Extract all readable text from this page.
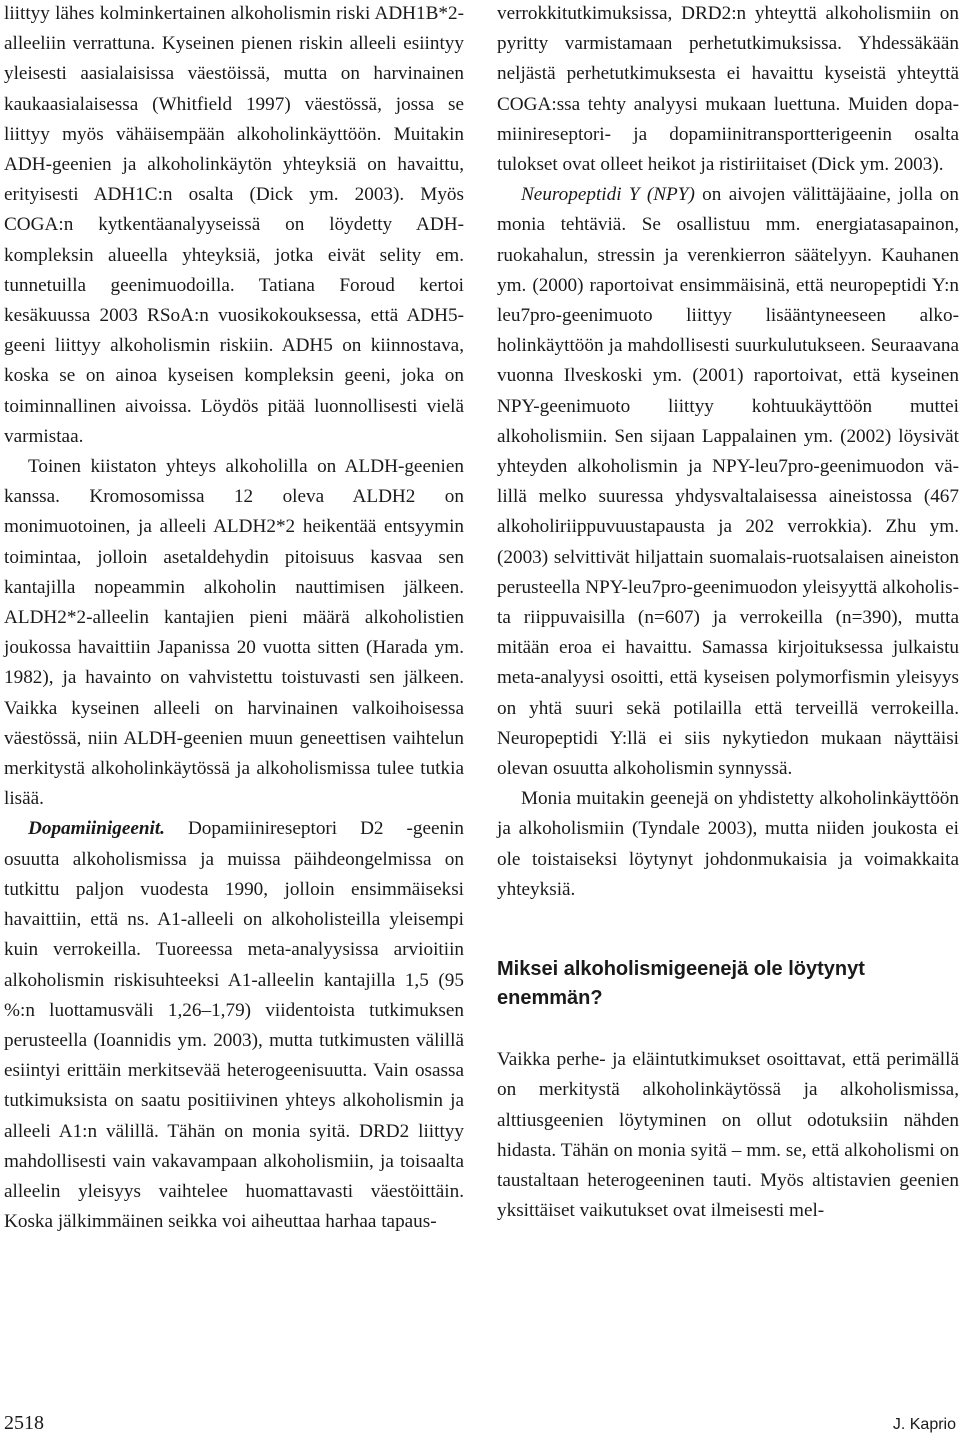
liittyy lähes kolminkertainen alkoholismin riski ADH1B*2-alleeliin verrattuna. Kyseinen pienen riskin alleeli esiintyy yleisesti aasialaisissa väestöissä, mutta on harvinainen kaukaasialaisessa (Whitfield 1997) väestössä, jossa se liittyy myös vähäisempään alkoholinkäyttöön. Muitakin ADH-geenien ja alkoholinkäytön yhteyksiä on havaittu, erityisesti ADH1C:n osalta (Dick ym. 2003). Myös COGA:n kytkentäanalyyseissä on löydetty ADH-kompleksin alueella yhteyksiä, jotka eivät selity em. tunnetuilla geenimuodoilla. Tatiana Foroud kertoi kesäkuussa 2003 RSoA:n vuosikokouksessa, että ADH5-geeni liittyy alkoholismin riskiin. ADH5 on kiinnostava, koska se on ainoa kyseisen kompleksin geeni, joka on toiminnallinen aivoissa. Löydös pitää luonnollisesti vielä varmistaa.

Toinen kiistaton yhteys alkoholilla on ALDH-geenien kanssa. Kromosomissa 12 oleva ALDH2 on monimuotoinen, ja alleeli ALDH2*2 heikentää entsyymin toimintaa, jolloin asetaldehydin pitoisuus kasvaa sen kantajilla nopeammin alkoholin nauttimisen jälkeen. ALDH2*2-alleelin kantajien pieni määrä alkoholistien joukossa havaittiin Japanissa 20 vuotta sitten (Harada ym. 1982), ja havainto on vahvistettu toistuvasti sen jälkeen. Vaikka kyseinen alleeli on harvinainen valkoihoisessa väestössä, niin ALDH-geenien muun geneettisen vaihtelun merkitystä alkoholinkäytössä ja alkoholismissa tulee tutkia lisää.

Dopamiinigeenit. Dopamiinireseptori D2 -geenin osuutta alkoholismissa ja muissa päihdeongelmissa on tutkittu paljon vuodesta 1990, jolloin ensimmäiseksi havaittiin, että ns. A1-alleeli on alkoholisteilla yleisempi kuin verrokeilla. Tuoreessa meta-analyysissa arvioitiin alkoholismin riskisuhteeksi A1-alleelin kantajilla 1,5 (95 %:n luottamusväli 1,26–1,79) viidentoista tutkimuksen perusteella (Ioannidis ym. 2003), mutta tutkimusten välillä esiintyi erittäin merkitsevää heterogeenisuutta. Vain osassa tutkimuksista on saatu positiivinen yhteys alkoholismin ja alleeli A1:n välillä. Tähän on monia syitä. DRD2 liittyy mahdollisesti vain vakavampaan alkoholismiin, ja toisaalta alleelin yleisyys vaihtelee huomattavasti väestöittäin. Koska jälkimmäinen seikka voi aiheuttaa harhaa tapaus-

verrokkitutkimuksissa, DRD2:n yhteyttä alkoholismiin on pyritty varmistamaan perhetutkimuksissa. Yhdessäkään neljästä perhetutkimuksesta ei havaittu kyseistä yhteyttä COGA:ssa tehty analyysi mukaan luettuna. Muiden dopamiinireseptori- ja dopamiinitransportterigeenin osalta tulokset ovat olleet heikot ja ristiriitaiset (Dick ym. 2003).

Neuropeptidi Y (NPY) on aivojen välittäjäaine, jolla on monia tehtäviä. Se osallistuu mm. energiatasapainon, ruokahalun, stressin ja verenkierron säätelyyn. Kauhanen ym. (2000) raportoivat ensimmäisinä, että neuropeptidi Y:n leu7pro-geenimuoto liittyy lisääntyneeseen alkoholinkäyttöön ja mahdollisesti suurkulutukseen. Seuraavana vuonna Ilveskoski ym. (2001) raportoivat, että kyseinen NPY-geenimuoto liittyy kohtuukäyttöön muttei alkoholismiin. Sen sijaan Lappalainen ym. (2002) löysivät yhteyden alkoholismin ja NPY-leu7pro-geenimuodon välillä melko suuressa yhdysvaltalaisessa aineistossa (467 alkoholiriippuvuustapausta ja 202 verrokkia). Zhu ym. (2003) selvittivät hiljattain suomalais-ruotsalaisen aineiston perusteella NPY-leu7pro-geenimuodon yleisyyttä alkoholista riippuvaisilla (n=607) ja verrokeilla (n=390), mutta mitään eroa ei havaittu. Samassa kirjoituksessa julkaistu meta-analyysi osoitti, että kyseisen polymorfismin yleisyys on yhtä suuri sekä potilailla että terveillä verrokeilla. Neuropeptidi Y:llä ei siis nykytiedon mukaan näyttäisi olevan osuutta alkoholismin synnyssä.

Monia muitakin geenejä on yhdistetty alkoholinkäyttöön ja alkoholismiin (Tyndale 2003), mutta niiden joukosta ei ole toistaiseksi löytynyt johdonmukaisia ja voimakkaita yhteyksiä.

Miksei alkoholismigeenejä ole löytynyt enemmän?

Vaikka perhe- ja eläintutkimukset osoittavat, että perimällä on merkitystä alkoholinkäytössä ja alkoholismissa, alttiusgeenien löytyminen on ollut odotuksiin nähden hidasta. Tähän on monia syitä – mm. se, että alkoholismi on taustaltaan heterogeeninen tauti. Myös altistavien geenien yksittäiset vaikutukset ovat ilmeisesti mel-

2518	J. Kaprio
